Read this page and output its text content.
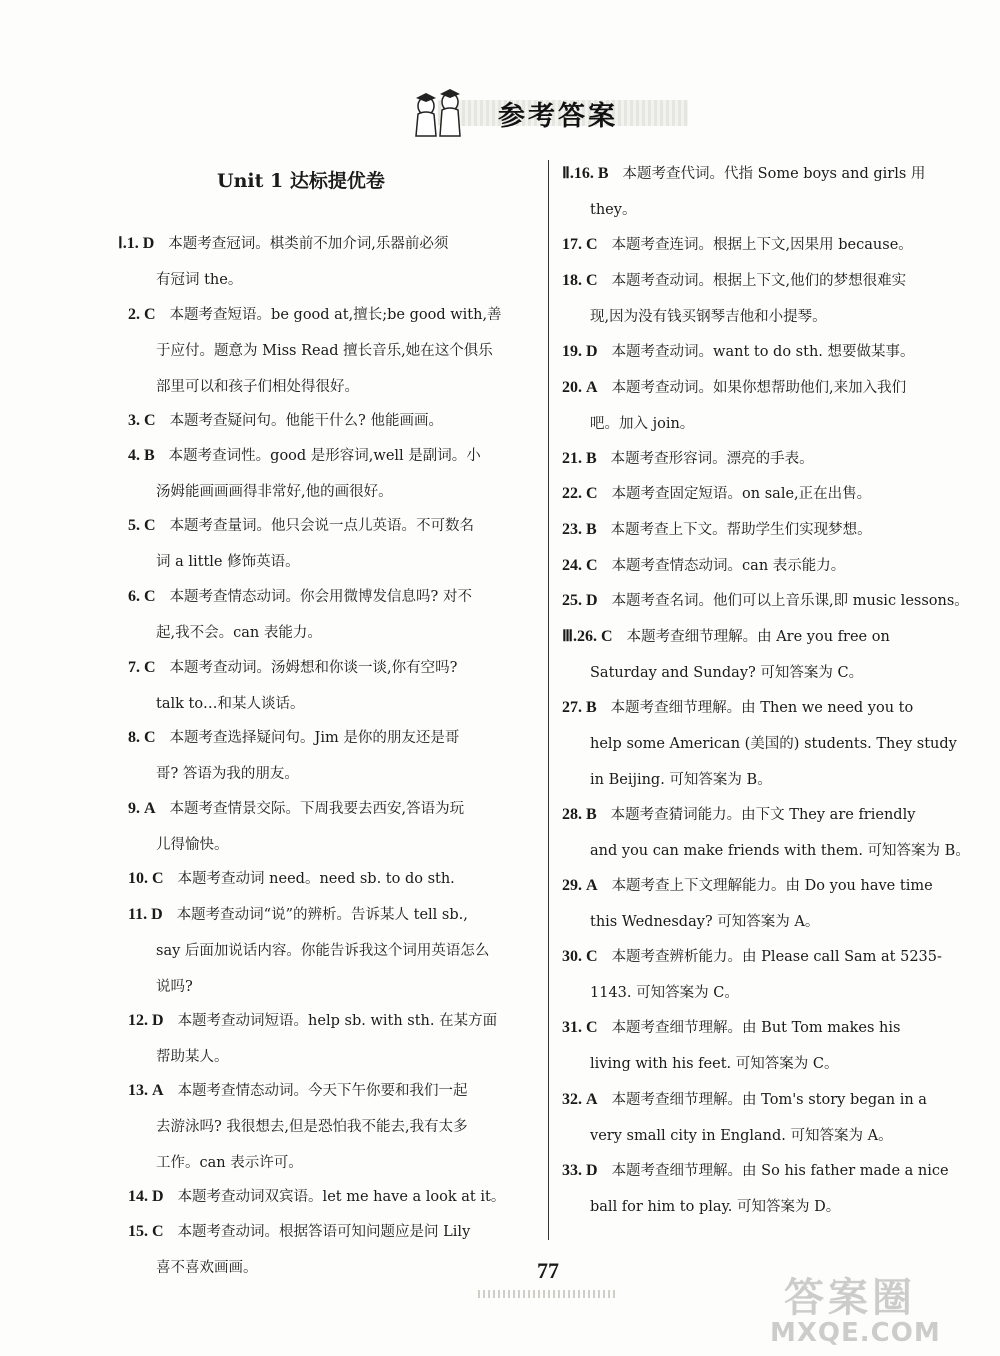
参考答案
Unit 1 达标提优卷
Ⅰ.1. D 本题考查冠词。棋类前不加介词,乐器前必须
有冠词 the。
2. C 本题考查短语。be good at,擅长;be good with,善
于应付。题意为 Miss Read 擅长音乐,她在这个俱乐
部里可以和孩子们相处得很好。
3. C 本题考查疑问句。他能干什么? 他能画画。
4. B 本题考查词性。good 是形容词,well 是副词。小
汤姆能画画画得非常好,他的画很好。
5. C 本题考查量词。他只会说一点儿英语。不可数名
词 a little 修饰英语。
6. C 本题考查情态动词。你会用微博发信息吗? 对不
起,我不会。can 表能力。
7. C 本题考查动词。汤姆想和你谈一谈,你有空吗?
talk to…和某人谈话。
8. C 本题考查选择疑问句。Jim 是你的朋友还是哥
哥? 答语为我的朋友。
9. A 本题考查情景交际。下周我要去西安,答语为玩
儿得愉快。
10. C 本题考查动词 need。need sb. to do sth.
11. D 本题考查动词“说”的辨析。告诉某人 tell sb.,
say 后面加说话内容。你能告诉我这个词用英语怎么
说吗?
12. D 本题考查动词短语。help sb. with sth. 在某方面
帮助某人。
13. A 本题考查情态动词。今天下午你要和我们一起
去游泳吗? 我很想去,但是恐怕我不能去,我有太多
工作。can 表示许可。
14. D 本题考查动词双宾语。let me have a look at it。
15. C 本题考查动词。根据答语可知问题应是问 Lily
喜不喜欢画画。
Ⅱ.16. B 本题考查代词。代指 Some boys and girls 用
they。
17. C 本题考查连词。根据上下文,因果用 because。
18. C 本题考查动词。根据上下文,他们的梦想很难实
现,因为没有钱买钢琴吉他和小提琴。
19. D 本题考查动词。want to do sth. 想要做某事。
20. A 本题考查动词。如果你想帮助他们,来加入我们
吧。加入 join。
21. B 本题考查形容词。漂亮的手表。
22. C 本题考查固定短语。on sale,正在出售。
23. B 本题考查上下文。帮助学生们实现梦想。
24. C 本题考查情态动词。can 表示能力。
25. D 本题考查名词。他们可以上音乐课,即 music lessons。
Ⅲ.26. C 本题考查细节理解。由 Are you free on
Saturday and Sunday? 可知答案为 C。
27. B 本题考查细节理解。由 Then we need you to
help some American (美国的) students. They study
in Beijing. 可知答案为 B。
28. B 本题考查猜词能力。由下文 They are friendly
and you can make friends with them. 可知答案为 B。
29. A 本题考查上下文理解能力。由 Do you have time
this Wednesday? 可知答案为 A。
30. C 本题考查辨析能力。由 Please call Sam at 5235-
1143. 可知答案为 C。
31. C 本题考查细节理解。由 But Tom makes his
living with his feet. 可知答案为 C。
32. A 本题考查细节理解。由 Tom's story began in a
very small city in England. 可知答案为 A。
33. D 本题考查细节理解。由 So his father made a nice
ball for him to play. 可知答案为 D。
77
答案圈
MXQE.COM
